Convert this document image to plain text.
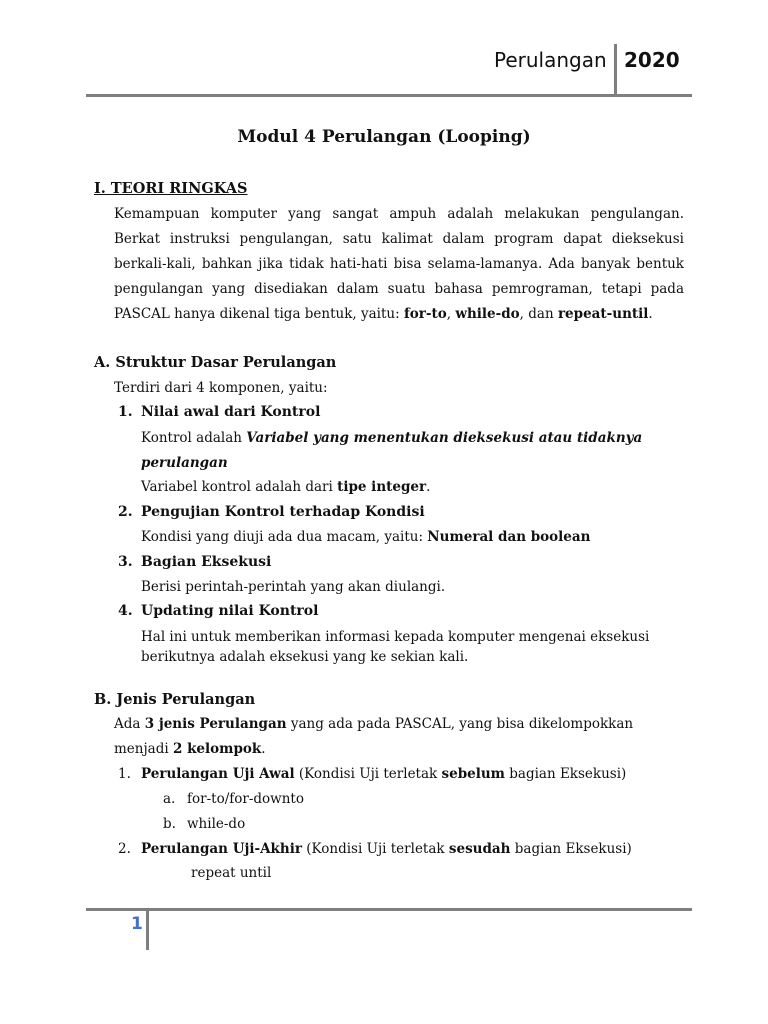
Perulangan 2020
Modul 4 Perulangan (Looping)
I. TEORI RINGKAS
Kemampuan komputer yang sangat ampuh adalah melakukan pengulangan. Berkat instruksi pengulangan, satu kalimat dalam program dapat dieksekusi berkali-kali, bahkan jika tidak hati-hati bisa selama-lamanya. Ada banyak bentuk pengulangan yang disediakan dalam suatu bahasa pemrograman, tetapi pada PASCAL hanya dikenal tiga bentuk, yaitu: for-to, while-do, dan repeat-until.
A. Struktur Dasar Perulangan
Terdiri dari 4 komponen, yaitu:
1. Nilai awal dari Kontrol
Kontrol adalah Variabel yang menentukan dieksekusi atau tidaknya
perulangan
Variabel kontrol adalah dari tipe integer.
2. Pengujian Kontrol terhadap Kondisi
Kondisi yang diuji ada dua macam, yaitu: Numeral dan boolean
3. Bagian Eksekusi
Berisi perintah-perintah yang akan diulangi.
4. Updating nilai Kontrol
Hal ini untuk memberikan informasi kepada komputer mengenai eksekusi
berikutnya adalah eksekusi yang ke sekian kali.
B. Jenis Perulangan
Ada 3 jenis Perulangan yang ada pada PASCAL, yang bisa dikelompokkan
menjadi 2 kelompok.
1. Perulangan Uji Awal (Kondisi Uji terletak sebelum bagian Eksekusi)
a. for-to/for-downto
b. while-do
2. Perulangan Uji-Akhir (Kondisi Uji terletak sesudah bagian Eksekusi)
repeat until
1
